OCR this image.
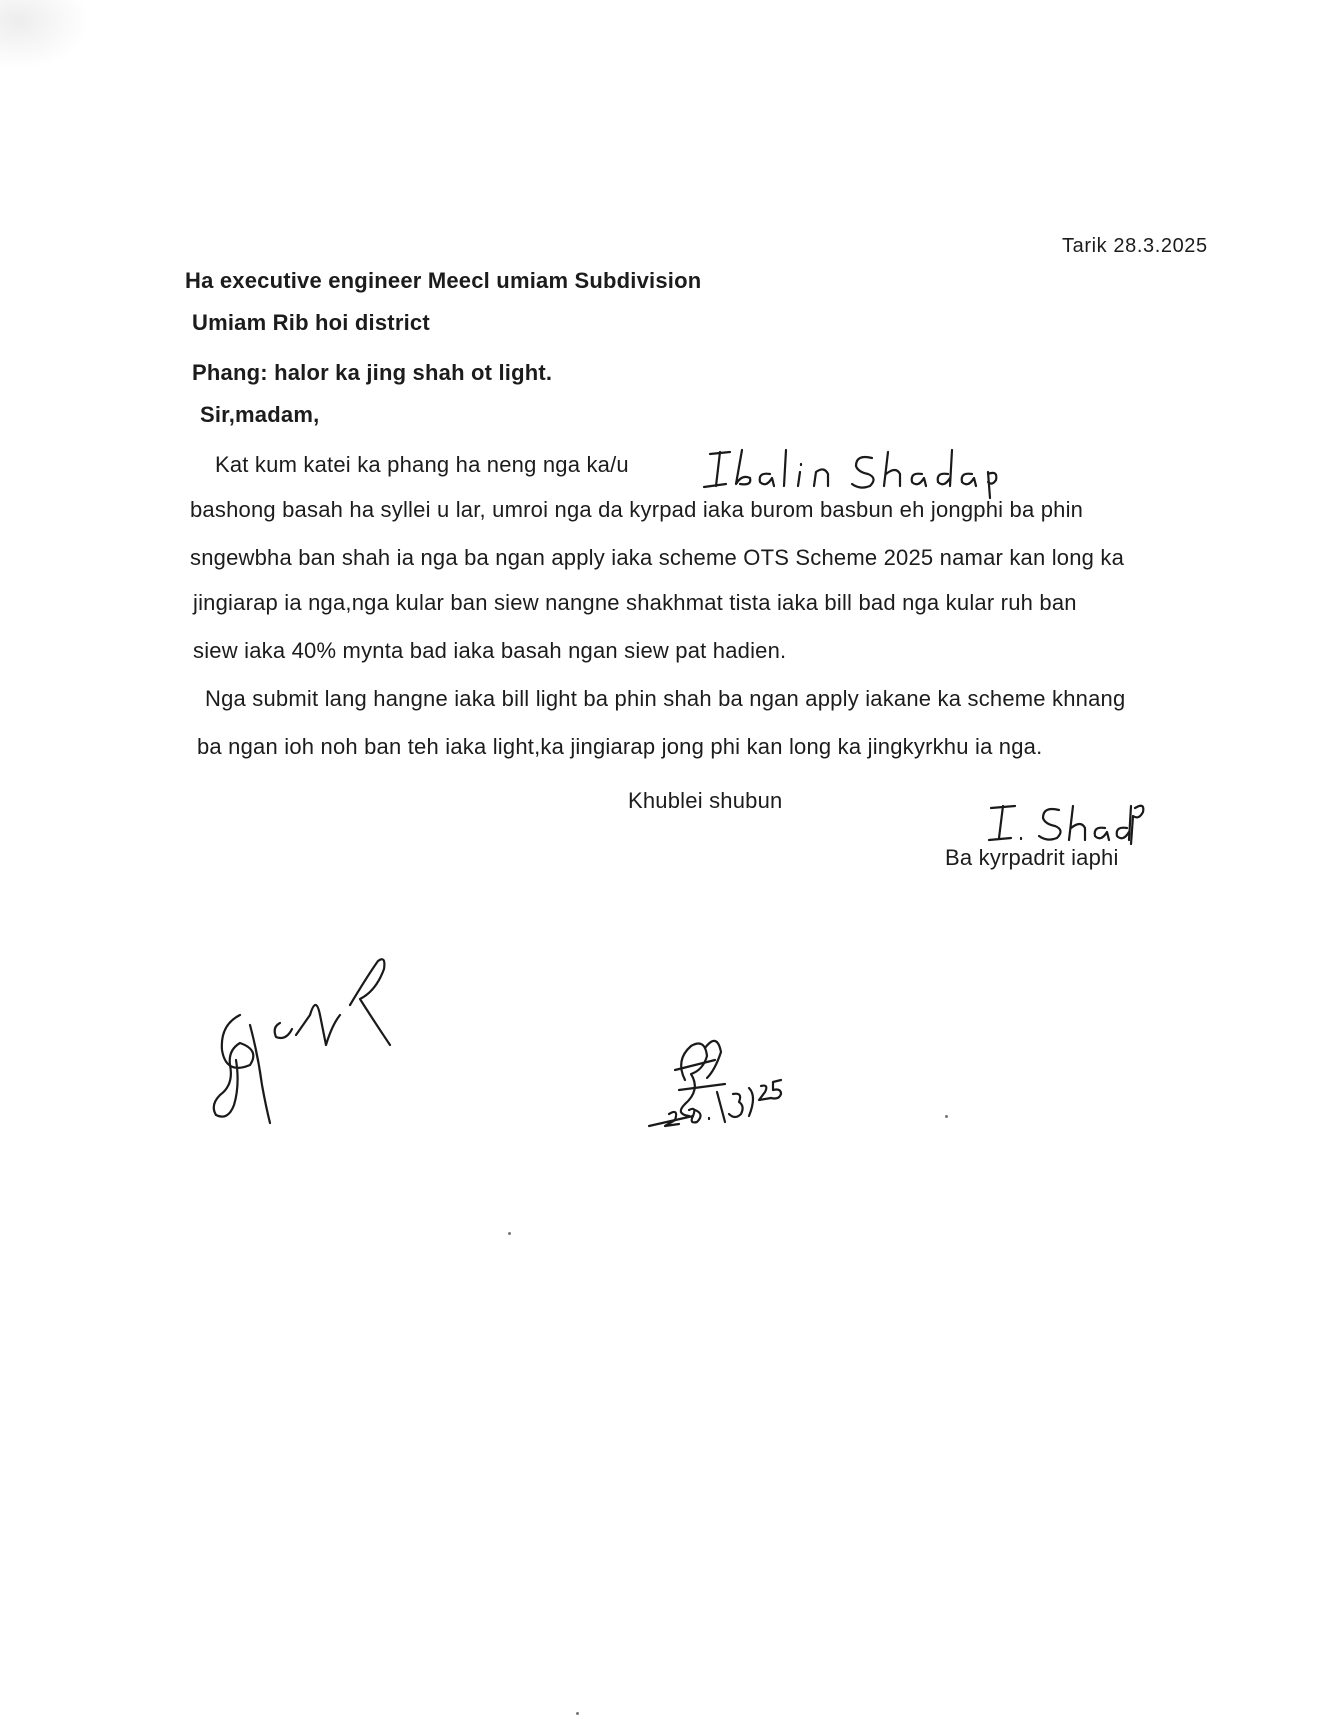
Tarik 28.3.2025
Ha executive engineer Meecl umiam Subdivision
Umiam Rib hoi district
Phang: halor ka jing shah ot light.
Sir,madam,
Kat kum katei ka phang ha neng nga ka/u
bashong basah ha syllei u lar, umroi nga da kyrpad iaka burom basbun eh jongphi ba phin
sngewbha ban shah ia nga ba ngan apply iaka scheme OTS Scheme 2025 namar kan long ka
jingiarap ia nga,nga kular ban siew nangne shakhmat tista iaka bill bad nga kular ruh ban
siew iaka 40% mynta bad iaka basah ngan siew pat hadien.
Nga submit lang hangne iaka bill light ba phin shah ba ngan apply iakane ka scheme khnang
ba ngan ioh noh ban teh iaka light,ka jingiarap jong phi kan long ka jingkyrkhu ia nga.
Khublei shubun
Ba kyrpadrit iaphi
